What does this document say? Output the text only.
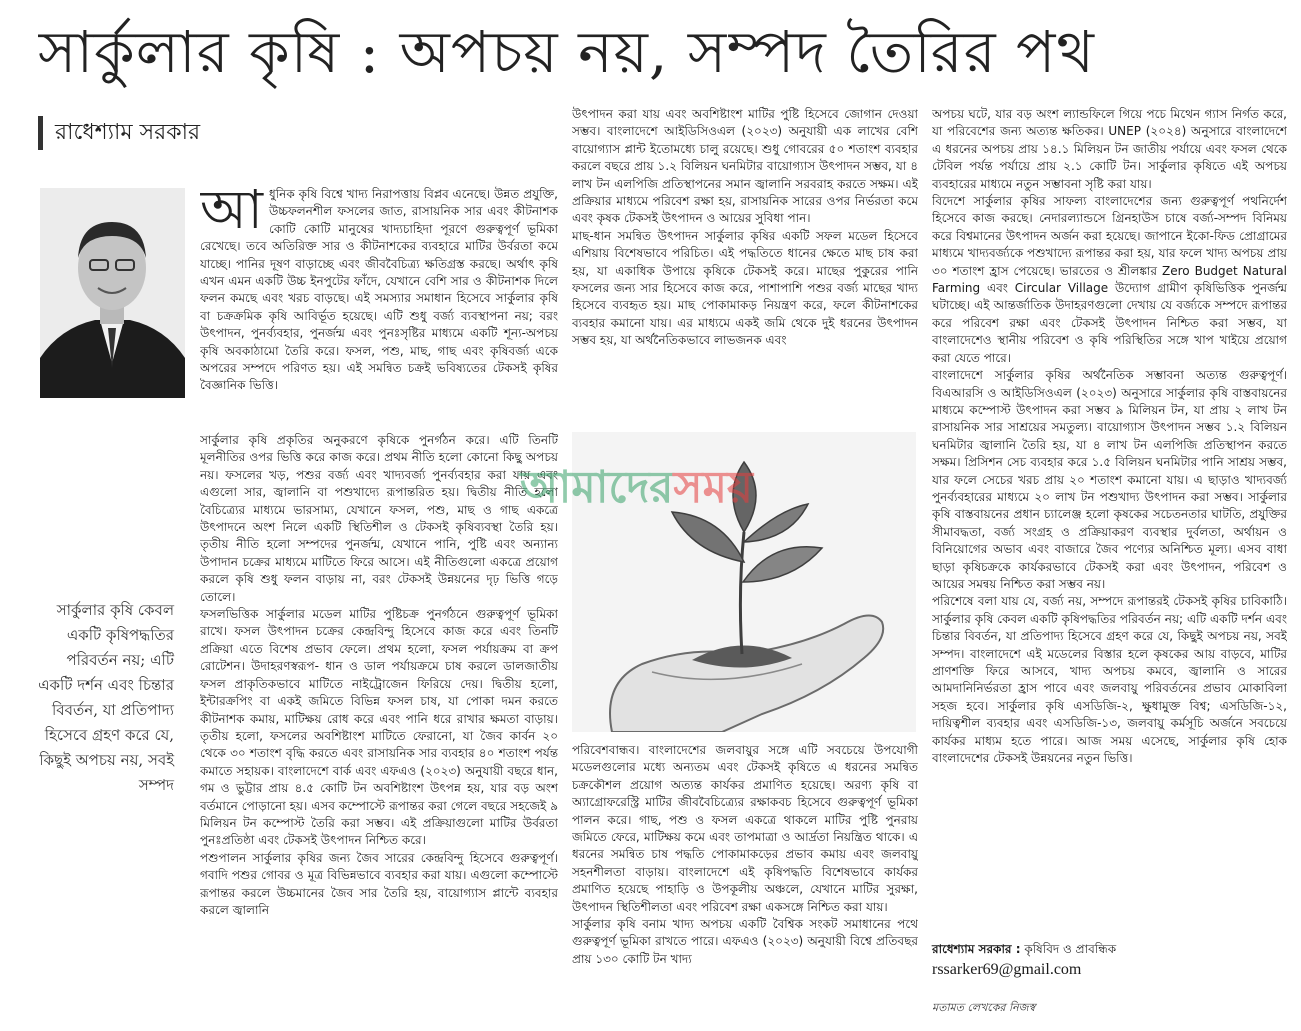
সার্কুলার কৃষি : অপচয় নয়, সম্পদ তৈরির পথ
রাধেশ্যাম সরকার
সার্কুলার কৃষি কেবল একটি কৃষিপদ্ধতির পরিবর্তন নয়; এটি একটি দর্শন এবং চিন্তার বিবর্তন, যা প্রতিপাদ্য হিসেবে গ্রহণ করে যে, কিছুই অপচয় নয়, সবই সম্পদ
আ ধুনিক কৃষি বিশ্বে খাদ্য নিরাপত্তায় বিপ্লব এনেছে। উন্নত প্রযুক্তি, উচ্চফলনশীল ফসলের জাত, রাসায়নিক সার এবং কীটনাশক কোটি কোটি মানুষের খাদ্যচাহিদা পূরণে গুরুত্বপূর্ণ ভূমিকা রেখেছে। তবে অতিরিক্ত সার ও কীটনাশকের ব্যবহারে মাটির উর্বরতা কমে যাচ্ছে। পানির দূষণ বাড়াচ্ছে এবং জীববৈচিত্র্য ক্ষতিগ্রস্ত করছে। অর্থাৎ কৃষি এখন এমন একটি উচ্চ ইনপুটের ফাঁদে, যেখানে বেশি সার ও কীটনাশক দিলে ফলন কমছে এবং খরচ বাড়ছে। এই সমস্যার সমাধান হিসেবে সার্কুলার কৃষি বা চক্রক্রমিক কৃষি আবির্ভূত হয়েছে। এটি শুধু বর্জ্য ব্যবস্থাপনা নয়; বরং উৎপাদন, পুনর্ব্যবহার, পুনর্জন্ম এবং পুনঃসৃষ্টির মাধ্যমে একটি শূন্য-অপচয় কৃষি অবকাঠামো তৈরি করে। ফসল, পশু, মাছ, গাছ এবং কৃষিবর্জ্য একে অপরের সম্পদে পরিণত হয়। এই সমন্বিত চক্রই ভবিষ্যতের টেকসই কৃষির বৈজ্ঞানিক ভিত্তি।

সার্কুলার কৃষি প্রকৃতির অনুকরণে কৃষিকে পুনর্গঠন করে। এটি তিনটি মূলনীতির ওপর ভিত্তি করে কাজ করে। প্রথম নীতি হলো কোনো কিছু অপচয় নয়। ফসলের খড়, পশুর বর্জ্য এবং খাদ্যবর্জ্য পুনর্ব্যবহার করা যায় এবং এগুলো সার, জ্বালানি বা পশুখাদ্যে রূপান্তরিত হয়। দ্বিতীয় নীতি হলো বৈচিত্র্যের মাধ্যমে ভারসাম্য, যেখানে ফসল, পশু, মাছ ও গাছ একত্রে উৎপাদনে অংশ নিলে একটি স্থিতিশীল ও টেকসই কৃষিব্যবস্থা তৈরি হয়। তৃতীয় নীতি হলো সম্পদের পুনর্জন্ম, যেখানে পানি, পুষ্টি এবং অন্যান্য উপাদান চক্রের মাধ্যমে মাটিতে ফিরে আসে। এই নীতিগুলো একত্রে প্রয়োগ করলে কৃষি শুধু ফলন বাড়ায় না, বরং টেকসই উন্নয়নের দৃঢ় ভিত্তি গড়ে তোলে।

ফসলভিত্তিক সার্কুলার মডেল মাটির পুষ্টিচক্র পুনর্গঠনে গুরুত্বপূর্ণ ভূমিকা রাখে। ফসল উৎপাদন চক্রের কেন্দ্রবিন্দু হিসেবে কাজ করে এবং তিনটি প্রক্রিয়া এতে বিশেষ প্রভাব ফেলে। প্রথম হলো, ফসল পর্যায়ক্রম বা ক্রপ রোটেশন। উদাহরণস্বরূপ- ধান ও ডাল পর্যায়ক্রমে চাষ করলে ডালজাতীয় ফসল প্রাকৃতিকভাবে মাটিতে নাইট্রোজেন ফিরিয়ে দেয়। দ্বিতীয় হলো, ইন্টারক্রপিং বা একই জমিতে বিভিন্ন ফসল চাষ, যা পোকা দমন করতে কীটনাশক কমায়, মাটিক্ষয় রোধ করে এবং পানি ধরে রাখার ক্ষমতা বাড়ায়। তৃতীয় হলো, ফসলের অবশিষ্টাংশ মাটিতে ফেরানো, যা জৈব কার্বন ২০ থেকে ৩০ শতাংশ বৃদ্ধি করতে এবং রাসায়নিক সার ব্যবহার ৪০ শতাংশ পর্যন্ত কমাতে সহায়ক। বাংলাদেশে বার্ক এবং এফএও (২০২৩) অনুযায়ী বছরে ধান, গম ও ভুট্টার প্রায় ৪.৫ কোটি টন অবশিষ্টাংশ উৎপন্ন হয়, যার বড় অংশ বর্তমানে পোড়ানো হয়। এসব কম্পোস্টে রূপান্তর করা গেলে বছরে সহজেই ৯ মিলিয়ন টন কম্পোস্ট তৈরি করা সম্ভব। এই প্রক্রিয়াগুলো মাটির উর্বরতা পুনঃপ্রতিষ্ঠা এবং টেকসই উৎপাদন নিশ্চিত করে।

পশুপালন সার্কুলার কৃষির জন্য জৈব সারের কেন্দ্রবিন্দু হিসেবে গুরুত্বপূর্ণ। গবাদি পশুর গোবর ও মূত্র বিভিন্নভাবে ব্যবহার করা যায়। এগুলো কম্পোস্টে রূপান্তর করলে উচ্চমানের জৈব সার তৈরি হয়, বায়োগ্যাস প্লান্টে ব্যবহার করলে জ্বালানি

উৎপাদন করা যায় এবং অবশিষ্টাংশ মাটির পুষ্টি হিসেবে জোগান দেওয়া সম্ভব। বাংলাদেশে আইডিসিওএল (২০২৩) অনুযায়ী এক লাখের বেশি বায়োগ্যাস প্লান্ট ইতোমধ্যে চালু রয়েছে। শুধু গোবরের ৫০ শতাংশ ব্যবহার করলে বছরে প্রায় ১.২ বিলিয়ন ঘনমিটার বায়োগ্যাস উৎপাদন সম্ভব, যা ৪ লাখ টন এলপিজি প্রতিস্থাপনের সমান জ্বালানি সরবরাহ করতে সক্ষম। এই প্রক্রিয়ার মাধ্যমে পরিবেশ রক্ষা হয়, রাসায়নিক সারের ওপর নির্ভরতা কমে এবং কৃষক টেকসই উৎপাদন ও আয়ের সুবিধা পান।

মাছ-ধান সমন্বিত উৎপাদন সার্কুলার কৃষির একটি সফল মডেল হিসেবে এশিয়ায় বিশেষভাবে পরিচিত। এই পদ্ধতিতে ধানের ক্ষেতে মাছ চাষ করা হয়, যা একাধিক উপায়ে কৃষিকে টেকসই করে। মাছের পুকুরের পানি ফসলের জন্য সার হিসেবে কাজ করে, পাশাপাশি পশুর বর্জ্য মাছের খাদ্য হিসেবে ব্যবহৃত হয়। মাছ পোকামাকড় নিয়ন্ত্রণ করে, ফলে কীটনাশকের ব্যবহার কমানো যায়। এর মাধ্যমে একই জমি থেকে দুই ধরনের উৎপাদন সম্ভব হয়, যা অর্থনৈতিকভাবে লাভজনক এবং

আমাদেরসময়

পরিবেশবান্ধব। বাংলাদেশের জলবায়ুর সঙ্গে এটি সবচেয়ে উপযোগী মডেলগুলোর মধ্যে অন্যতম এবং টেকসই কৃষিতে এ ধরনের সমন্বিত চক্রকৌশল প্রয়োগ অত্যন্ত কার্যকর প্রমাণিত হয়েছে। অরণ্য কৃষি বা অ্যাগ্রোফরেস্ট্রি মাটির জীববৈচিত্র্যের রক্ষাকবচ হিসেবে গুরুত্বপূর্ণ ভূমিকা পালন করে। গাছ, পশু ও ফসল একত্রে থাকলে মাটির পুষ্টি পুনরায় জমিতে ফেরে, মাটিক্ষয় কমে এবং তাপমাত্রা ও আর্দ্রতা নিয়ন্ত্রিত থাকে। এ ধরনের সমন্বিত চাষ পদ্ধতি পোকামাকড়ের প্রভাব কমায় এবং জলবায়ু সহনশীলতা বাড়ায়। বাংলাদেশে এই কৃষিপদ্ধতি বিশেষভাবে কার্যকর প্রমাণিত হয়েছে পাহাড়ি ও উপকূলীয় অঞ্চলে, যেখানে মাটির সুরক্ষা, উৎপাদন স্থিতিশীলতা এবং পরিবেশ রক্ষা একসঙ্গে নিশ্চিত করা যায়।

সার্কুলার কৃষি বনাম খাদ্য অপচয় একটি বৈশ্বিক সংকট সমাধানের পথে গুরুত্বপূর্ণ ভূমিকা রাখতে পারে। এফএও (২০২৩) অনুযায়ী বিশ্বে প্রতিবছর প্রায় ১৩০ কোটি টন খাদ্য

অপচয় ঘটে, যার বড় অংশ ল্যান্ডফিলে গিয়ে পচে মিথেন গ্যাস নির্গত করে, যা পরিবেশের জন্য অত্যন্ত ক্ষতিকর। UNEP (২০২৪) অনুসারে বাংলাদেশে এ ধরনের অপচয় প্রায় ১৪.১ মিলিয়ন টন জাতীয় পর্যায়ে এবং ফসল থেকে টেবিল পর্যন্ত পর্যায়ে প্রায় ২.১ কোটি টন। সার্কুলার কৃষিতে এই অপচয় ব্যবহারের মাধ্যমে নতুন সম্ভাবনা সৃষ্টি করা যায়।

বিদেশে সার্কুলার কৃষির সাফল্য বাংলাদেশের জন্য গুরুত্বপূর্ণ পথনির্দেশ হিসেবে কাজ করছে। নেদারল্যান্ডসে গ্রিনহাউস চাষে বর্জ্য-সম্পদ বিনিময় করে বিশ্বমানের উৎপাদন অর্জন করা হয়েছে। জাপানে ইকো-ফিড প্রোগ্রামের মাধ্যমে খাদ্যবর্জ্যকে পশুখাদ্যে রূপান্তর করা হয়, যার ফলে খাদ্য অপচয় প্রায় ৩০ শতাংশ হ্রাস পেয়েছে। ভারতের ও শ্রীলঙ্কার Zero Budget Natural Farming এবং Circular Village উদ্যোগ গ্রামীণ কৃষিভিত্তিক পুনর্জন্ম ঘটাচ্ছে। এই আন্তর্জাতিক উদাহরণগুলো দেখায় যে বর্জ্যকে সম্পদে রূপান্তর করে পরিবেশ রক্ষা এবং টেকসই উৎপাদন নিশ্চিত করা সম্ভব, যা বাংলাদেশেও স্থানীয় পরিবেশ ও কৃষি পরিস্থিতির সঙ্গে খাপ খাইয়ে প্রয়োগ করা যেতে পারে।

বাংলাদেশে সার্কুলার কৃষির অর্থনৈতিক সম্ভাবনা অত্যন্ত গুরুত্বপূর্ণ। বিএআরসি ও আইডিসিওএল (২০২৩) অনুসারে সার্কুলার কৃষি বাস্তবায়নের মাধ্যমে কম্পোস্ট উৎপাদন করা সম্ভব ৯ মিলিয়ন টন, যা প্রায় ২ লাখ টন রাসায়নিক সার সাশ্রয়ের সমতুল্য। বায়োগ্যাস উৎপাদন সম্ভব ১.২ বিলিয়ন ঘনমিটার জ্বালানি তৈরি হয়, যা ৪ লাখ টন এলপিজি প্রতিস্থাপন করতে সক্ষম। প্রিসিশন সেচ ব্যবহার করে ১.৫ বিলিয়ন ঘনমিটার পানি সাশ্রয় সম্ভব, যার ফলে সেচের খরচ প্রায় ২০ শতাংশ কমানো যায়। এ ছাড়াও খাদ্যবর্জ্য পুনর্ব্যবহারের মাধ্যমে ২০ লাখ টন পশুখাদ্য উৎপাদন করা সম্ভব। সার্কুলার কৃষি বাস্তবায়নের প্রধান চ্যালেঞ্জ হলো কৃষকের সচেতনতার ঘাটতি, প্রযুক্তির সীমাবদ্ধতা, বর্জ্য সংগ্রহ ও প্রক্রিয়াকরণ ব্যবস্থার দুর্বলতা, অর্থায়ন ও বিনিয়োগের অভাব এবং বাজারে জৈব পণ্যের অনিশ্চিত মূল্য। এসব বাধা ছাড়া কৃষিচক্রকে কার্যকরভাবে টেকসই করা এবং উৎপাদন, পরিবেশ ও আয়ের সমন্বয় নিশ্চিত করা সম্ভব নয়।

পরিশেষে বলা যায় যে, বর্জ্য নয়, সম্পদে রূপান্তরই টেকসই কৃষির চাবিকাঠি। সার্কুলার কৃষি কেবল একটি কৃষিপদ্ধতির পরিবর্তন নয়; এটি একটি দর্শন এবং চিন্তার বিবর্তন, যা প্রতিপাদ্য হিসেবে গ্রহণ করে যে, কিছুই অপচয় নয়, সবই সম্পদ। বাংলাদেশে এই মডেলের বিস্তার হলে কৃষকের আয় বাড়বে, মাটির প্রাণশক্তি ফিরে আসবে, খাদ্য অপচয় কমবে, জ্বালানি ও সারের আমদানিনির্ভরতা হ্রাস পাবে এবং জলবায়ু পরিবর্তনের প্রভাব মোকাবিলা সহজ হবে। সার্কুলার কৃষি এসডিজি-২, ক্ষুধামুক্ত বিশ্ব; এসডিজি-১২, দায়িত্বশীল ব্যবহার এবং এসডিজি-১৩, জলবায়ু কর্মসূচি অর্জনে সবচেয়ে কার্যকর মাধ্যম হতে পারে। আজ সময় এসেছে, সার্কুলার কৃষি হোক বাংলাদেশের টেকসই উন্নয়নের নতুন ভিত্তি।

রাধেশ্যাম সরকার : কৃষিবিদ ও প্রাবন্ধিক
rssarker69@gmail.com
মতামত লেখকের নিজস্ব
